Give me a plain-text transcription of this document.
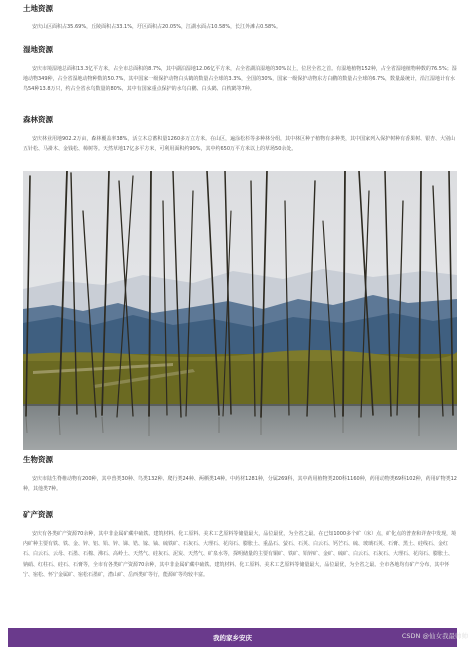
土地资源

安庆山区面积占35.69%，丘陵面积占33.1%，圩区面积占20.05%，江湖水面占10.58%，长江外滩占0.58%。

湿地资源

安庆市境湿地总面积13.3亿平方米，占全市总面积的8.7%，其中湖泊湿地12.06亿平方米，占全省湖泊湿地的30%以上，位居全省之首。有湿地植物152种，占全省湿地植物种数的76.5%；湿地动物349种，占全省湿地动物种数的50.7%，其中国家一级保护动物白头鹤的数量占全球的3.3%，全国的30%，国家一级保护动物东方白鹳的数量占全球的6.7%，数量最统计，沿江湿地计有水鸟54种13.8万只，约占全省水鸟数量的80%，其中有国家重点保护的水鸟白鹳、白头鹤、白枕鹤等7种。

森林资源

安庆林业用地902.2万亩，森林覆盖率38%，活立木总蓄积量1260多万立方米。在山区，遍涂松杉等多种林分组，其中林区种子植物有多种类，其中国家列入保护树种有香果树、银杏、大别山五针松、马褂木、金钱松、樟树等。天然草地17亿多平方米，可利用面积约90%，其中约650万平方米以上的草场50余处。

生物资源

安庆市陆生脊椎动物有200种，其中兽类30种、鸟类132种、爬行类24种、两栖类14种。中药材1281种，分属269科，其中药用植物类200科1160种，药用动物类69科102种，药用矿物类12种，其他类7种。

矿产资源

安庆有各类矿产资源70余种，其中非金属矿藏中硫铁、建筑材料、化工原料、美术工艺原料等储量最大，品位最优，为全省之最。在已知1000多个矿（床）点，矿化点的普查和详查中发现，境内矿种主要有铁、铁、金、锌、铝、铅、锌、锑、锆、镓、铀、硫铁矿、石灰石、大理石、花岗石、膨胀土、重晶石、萤石、石英、白云石、钙芒石、硫、玻璃石英、石膏、黑土、硅线石、金红石、白云石、云母、石墨、石棉、沸石、高岭土、天然气、硅灰石、泥炭、天然气、矿泉水等，探明储量的主要有铜矿、铁矿、铅锌矿、金矿、硫矿、白云石、石灰石、大理石、花岗石、膨胀土、钠硝、红柱石、硅石、石膏等，全市有各类矿产资源70余种，其中非金属矿藏中硫铁、建筑材料、化工原料、美术工艺原料等储量最大，品位最优，为全省之最。全市各地均有矿产分布，其中怀宁、宿松、怀宁金属矿、宿松石墨矿，潜山矿、岳西类矿等行，能源矿等均较丰富。

我的家乡安庆	CSDN @仙女我最帅帅
